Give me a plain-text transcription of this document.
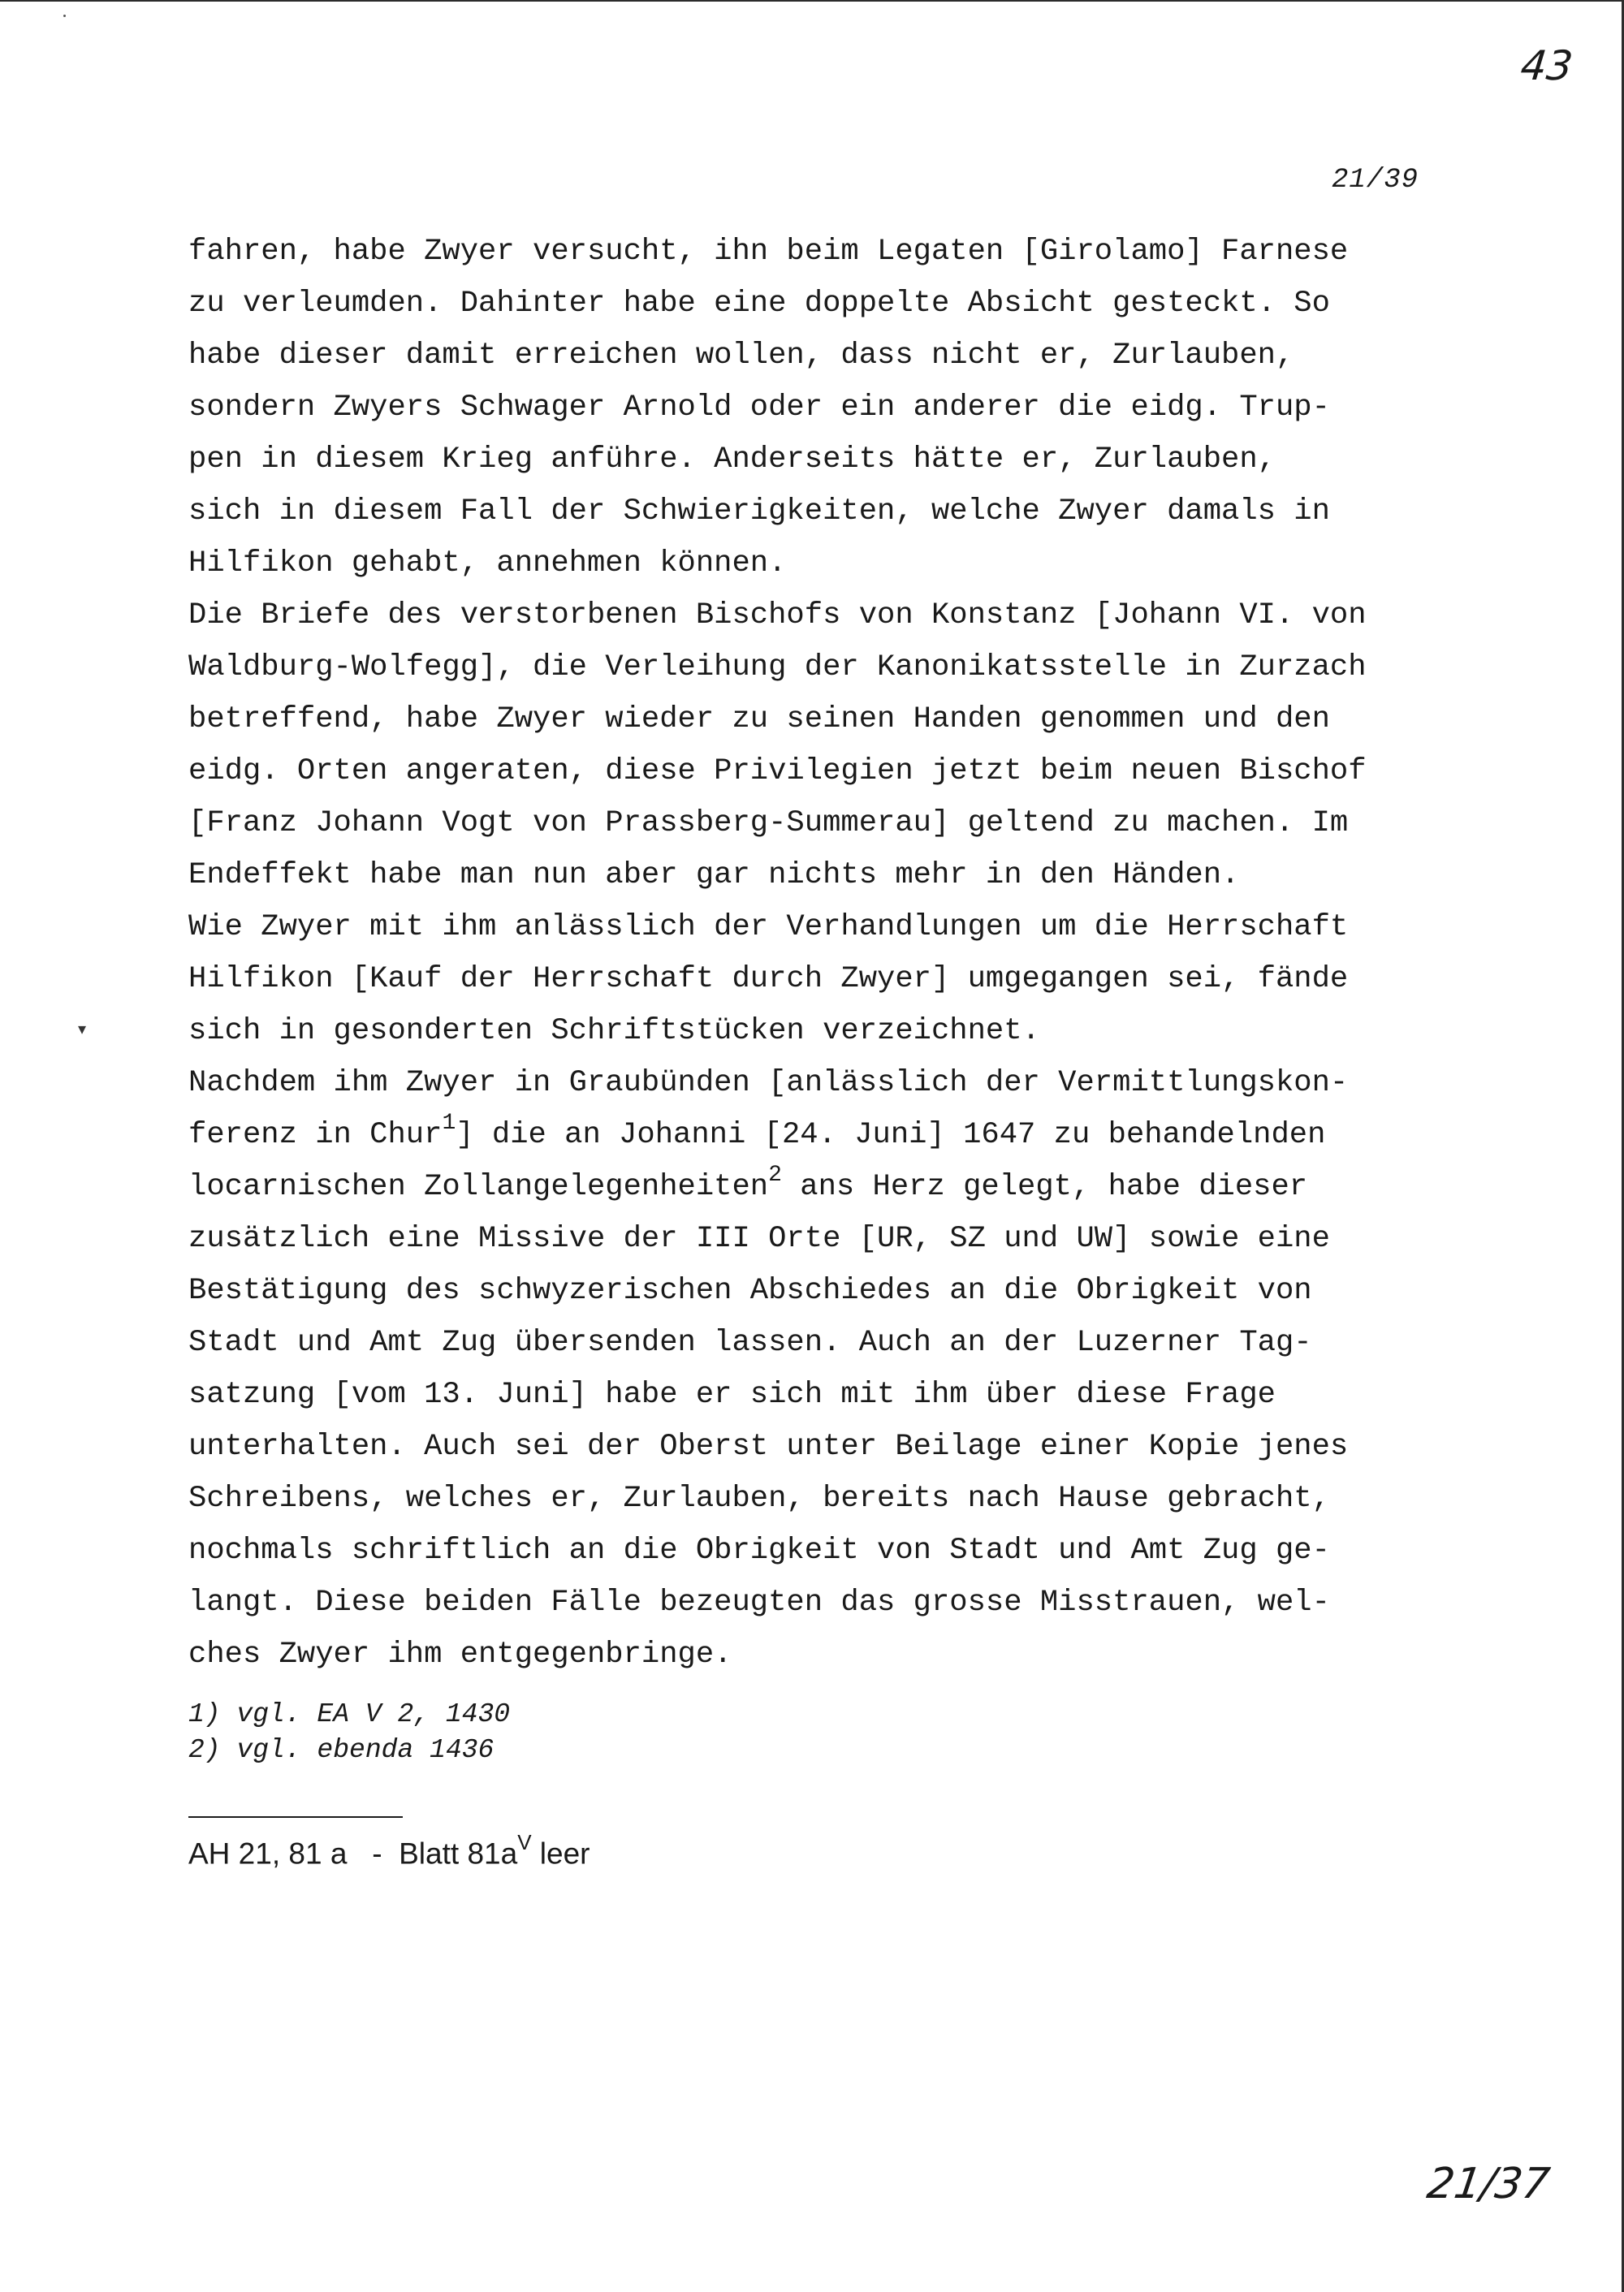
43
21/39
▾
fahren, habe Zwyer versucht, ihn beim Legaten [Girolamo] Farnese
zu verleumden. Dahinter habe eine doppelte Absicht gesteckt. So
habe dieser damit erreichen wollen, dass nicht er, Zurlauben,
sondern Zwyers Schwager Arnold oder ein anderer die eidg. Trup-
pen in diesem Krieg anführe. Anderseits hätte er, Zurlauben,
sich in diesem Fall der Schwierigkeiten, welche Zwyer damals in
Hilfikon gehabt, annehmen können.
Die Briefe des verstorbenen Bischofs von Konstanz [Johann VI. von
Waldburg-Wolfegg], die Verleihung der Kanonikatsstelle in Zurzach
betreffend, habe Zwyer wieder zu seinen Handen genommen und den
eidg. Orten angeraten, diese Privilegien jetzt beim neuen Bischof
[Franz Johann Vogt von Prassberg-Summerau] geltend zu machen. Im
Endeffekt habe man nun aber gar nichts mehr in den Händen.
Wie Zwyer mit ihm anlässlich der Verhandlungen um die Herrschaft
Hilfikon [Kauf der Herrschaft durch Zwyer] umgegangen sei, fände
sich in gesonderten Schriftstücken verzeichnet.
Nachdem ihm Zwyer in Graubünden [anlässlich der Vermittlungskon-
ferenz in Chur$^1$] die an Johanni [24. Juni] 1647 zu behandelnden
locarnischen Zollangelegenheiten$^2$ ans Herz gelegt, habe dieser
zusätzlich eine Missive der III Orte [UR, SZ und UW] sowie eine
Bestätigung des schwyzerischen Abschiedes an die Obrigkeit von
Stadt und Amt Zug übersenden lassen. Auch an der Luzerner Tag-
satzung [vom 13. Juni] habe er sich mit ihm über diese Frage
unterhalten. Auch sei der Oberst unter Beilage einer Kopie jenes
Schreibens, welches er, Zurlauben, bereits nach Hause gebracht,
nochmals schriftlich an die Obrigkeit von Stadt und Amt Zug ge-
langt. Diese beiden Fälle bezeugten das grosse Misstrauen, wel-
ches Zwyer ihm entgegenbringe.
1) vgl. EA V 2, 1430
2) vgl. ebenda 1436
AH 21, 81 a   -  Blatt $81a^V$ leer
21/37
